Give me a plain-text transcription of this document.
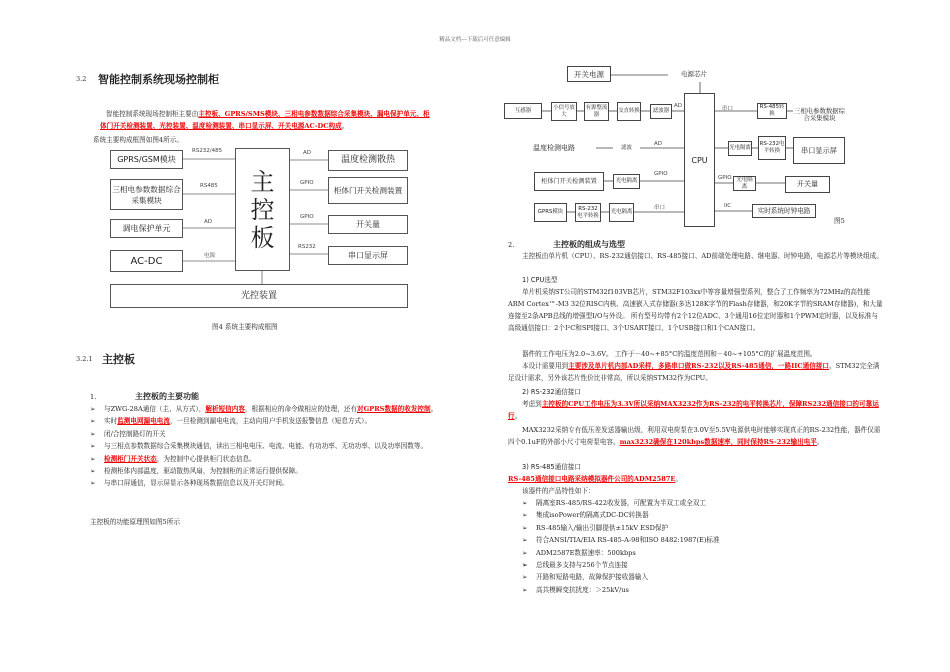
精品文档---下载后可任意编辑
3.2 智能控制系统现场控制柜

智能控制系统现场控制柜主要由主控板、GPRS/SMS模块、三相电参数数据综合采集模块、漏电保护单元、柜体门开关检测装置、光控装置、温度检测装置、串口显示屏、开关电源AC-DC构成。

系统主要构成框图如图4所示。
GPRS/GSM模块
三相电参数数据综合采集模块
调电保护单元
AC-DC
主
控
板
温度检测散热
柜体门开关检测装置
开关量
串口显示屏
光控装置
RS232/485
RS485
AD
电源
AD
GPIO
GPIO
RS232
图4 系统主要构成框图
3.2.1 主控板
1.	主控板的主要功能
➢ 与ZWG-28A通信（主、从方式），解析短信内容，根据相应的命令做相应的处理，还有对GPRS数据的收发控制。
➢ 实时监测电网漏电电流，一旦检测到漏电电流，主动向用户手机发送报警信息（短息方式）。
➢ 闭/合控制路灯的开关
➢ 与三相点参数数据综合采集模块通信，读出三相电电压、电流、电能、有功功率、无功功率、以及功率因数等。
➢ 检测柜门开关状态，为控制中心提供柜门状态信息。
➢ 检测柜体内部温度，驱动散热风扇，为控制柜的正常运行提供保障。
➢ 与串口屏通信，显示屏显示各种现场数据信息以及开关灯时间。
主控板的功能原理图如图5所示
开关电源	电源芯片
互感器	小信号放大
有源整流器
交直转换	滤波器
AD
CPU
温度检测电路	滤波
AD
柜体门开关检测装置	光电隔离
GPIO
GPRS模块
RS-232电平转换
光电隔离
串口
串口	RS-485转换	三相电参数数据综合采集模块
光电隔离
RS-232电平转换	串口显示屏
GPIO 光电隔离	开关量
IIC
实时系统时钟电路
图5
2.	主控板的组成与选型
主控板由单片机（CPU）、RS-232通信接口、RS-485接口、AD前端处理电路、继电器、时钟电路，电源芯片等模块组成。
1) CPU选型
单片机采纳ST公司的STM32f103VB芯片，STM32F103xx中等容量增强型系列，整合了工作频率为72MHz的高性能ARM Cortex™-M3 32位RISC内核、高速嵌入式存储器(多达128K字节的Flash存储器，和20K字节的SRAM存储器)，和大量连接至2条APB总线的增强型I/O与外设。 所有型号均带有2个12位ADC、3个通用16位定时器和1个PWM定时器，以及标准与高级通信接口：2个I²C和SPI接口、3个USART接口、1个USB接口和1个CAN接口。
器件的工作电压为2.0~3.6V。 工作于－40~+85°C的温度范围和－40~+105°C的扩展温度范围。
本设计需要用到主要涉及单片机内部AD采样，多路串口做RS-232以及RS-485通信，一路IIC通信接口。STM32完全满足设计需求，另外该芯片性价比非常高，所以采纳STM32作为CPU。
2) RS-232通信接口
考虑到主控板的CPU工作电压为3.3V所以采纳MAX3232作为RS-232的电平转换芯片，保障RS232通信接口的可靠运行。
MAX3232采纳专有低压差发送器输出级，利用双电荷泵在3.0V至5.5V电源供电时能够实现真正的RS-232性能，器件仅需四个0.1uF的外部小尺寸电荷泵电容。max3232确保在120kbps数据速率，同时保持RS-232输出电平。
3) RS-485通信接口
RS-485通信接口电路采纳模拟器件公司的ADM2587E。
该器件的产品特性如下：
➢ 隔离室RS-485/RS-422收发器，可配置为半双工或全双工
➢ 集成isoPower的隔离式DC-DC转换器
➢ RS-485输入/输出引脚提供±15kV ESD保护
➢ 符合ANSI/TIA/EIA RS-485-A-98和ISO 8482:1987(E)标准
➢ ADM2587E数据速率：500kbps
➢ 总线最多支持与256个节点连接
➢ 开路和短路电路，故障保护接收器输入
➢ 高共模瞬变抗扰度：＞25kV/us
